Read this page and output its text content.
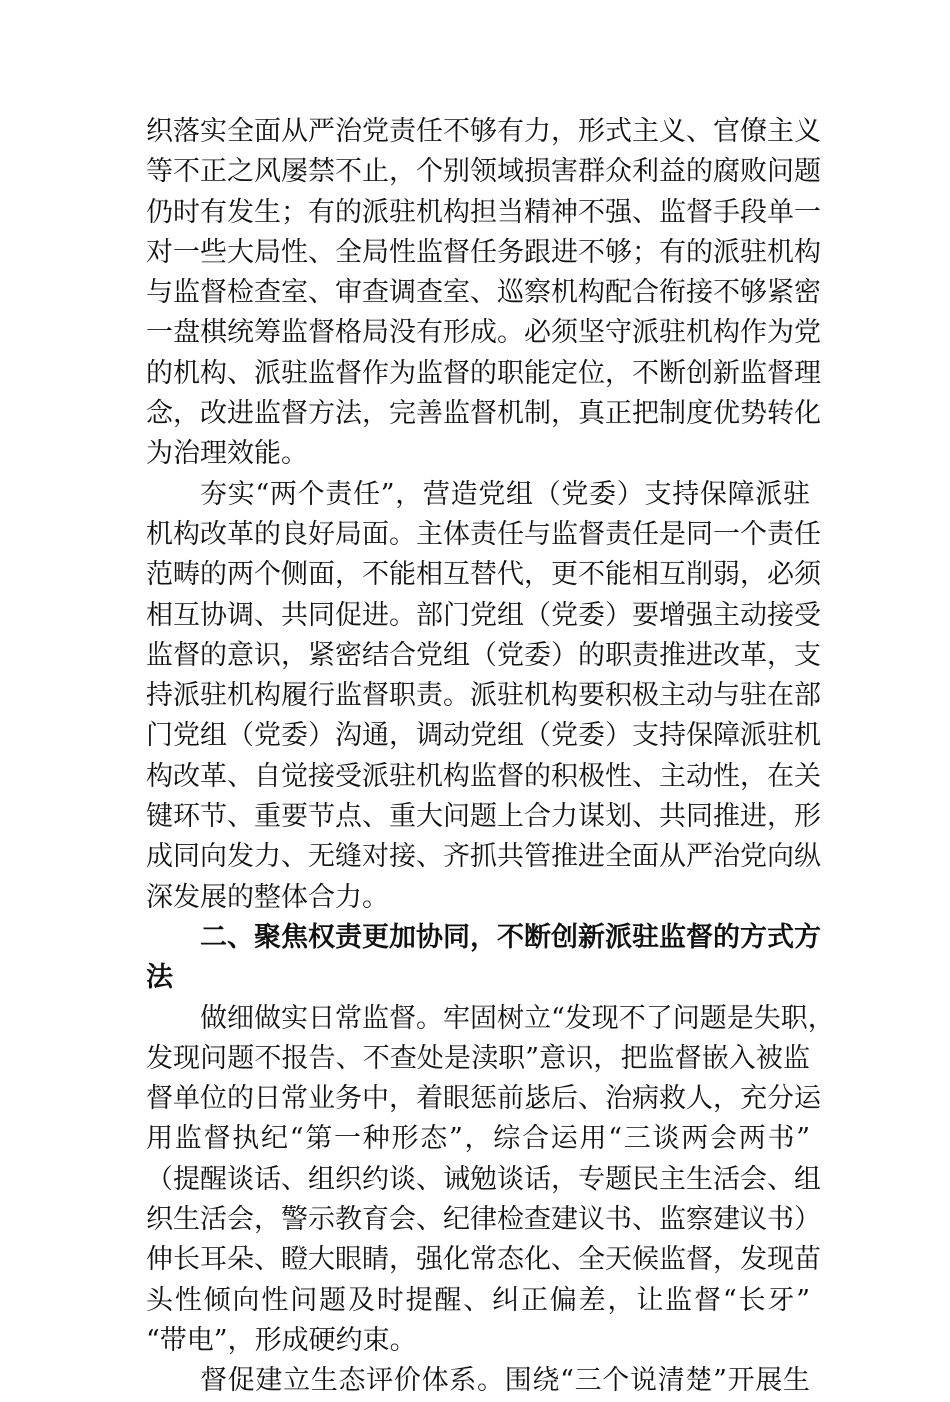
织落实全面从严治党责任不够有力，形式主义、官僚主义
等不正之风屡禁不止，个别领域损害群众利益的腐败问题
仍时有发生；有的派驻机构担当精神不强、监督手段单一
对一些大局性、全局性监督任务跟进不够；有的派驻机构
与监督检查室、审查调查室、巡察机构配合衔接不够紧密
一盘棋统筹监督格局没有形成。必须坚守派驻机构作为党
的机构、派驻监督作为监督的职能定位，不断创新监督理
念，改进监督方法，完善监督机制，真正把制度优势转化
为治理效能。
夯实“两个责任”，营造党组（党委）支持保障派驻
机构改革的良好局面。主体责任与监督责任是同一个责任
范畴的两个侧面，不能相互替代，更不能相互削弱，必须
相互协调、共同促进。部门党组（党委）要增强主动接受
监督的意识，紧密结合党组（党委）的职责推进改革，支
持派驻机构履行监督职责。派驻机构要积极主动与驻在部
门党组（党委）沟通，调动党组（党委）支持保障派驻机
构改革、自觉接受派驻机构监督的积极性、主动性，在关
键环节、重要节点、重大问题上合力谋划、共同推进，形
成同向发力、无缝对接、齐抓共管推进全面从严治党向纵
深发展的整体合力。
二、聚焦权责更加协同，不断创新派驻监督的方式方
法
做细做实日常监督。牢固树立“发现不了问题是失职，
发现问题不报告、不查处是渎职”意识，把监督嵌入被监
督单位的日常业务中，着眼惩前毖后、治病救人，充分运
用监督执纪“第一种形态”，综合运用“三谈两会两书”
（提醒谈话、组织约谈、诫勉谈话，专题民主生活会、组
织生活会，警示教育会、纪律检查建议书、监察建议书）
伸长耳朵、瞪大眼睛，强化常态化、全天候监督，发现苗
头性倾向性问题及时提醒、纠正偏差，让监督“长牙”
“带电”，形成硬约束。
督促建立生态评价体系。围绕“三个说清楚”开展生
